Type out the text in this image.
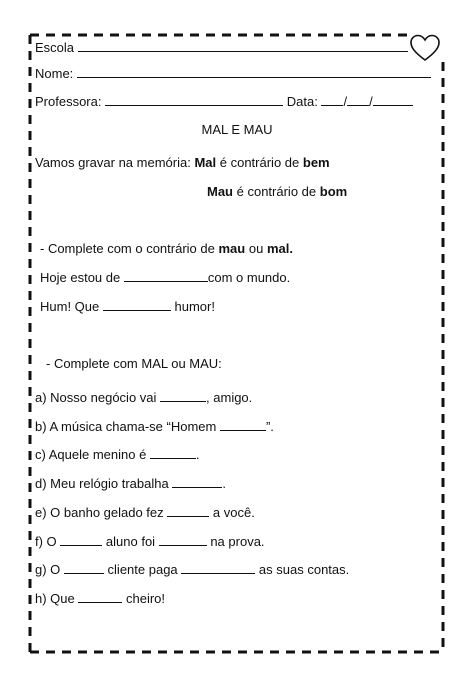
Escola
Nome:
Professora:	Data: / /
MAL E MAU
Vamos gravar na memória: Mal é contrário de bem
Mau é contrário de bom
- Complete com o contrário de mau ou mal.
Hoje estou de	com o mundo.
Hum! Que	humor!
- Complete com MAL ou MAU:
a) Nosso negócio vai	, amigo.
b) A música chama-se “Homem	”.
c) Aquele menino é	.
d) Meu relógio trabalha	.
e) O banho gelado fez	a você.
f) O	aluno foi	na prova.
g) O	cliente paga	as suas contas.
h) Que	cheiro!
